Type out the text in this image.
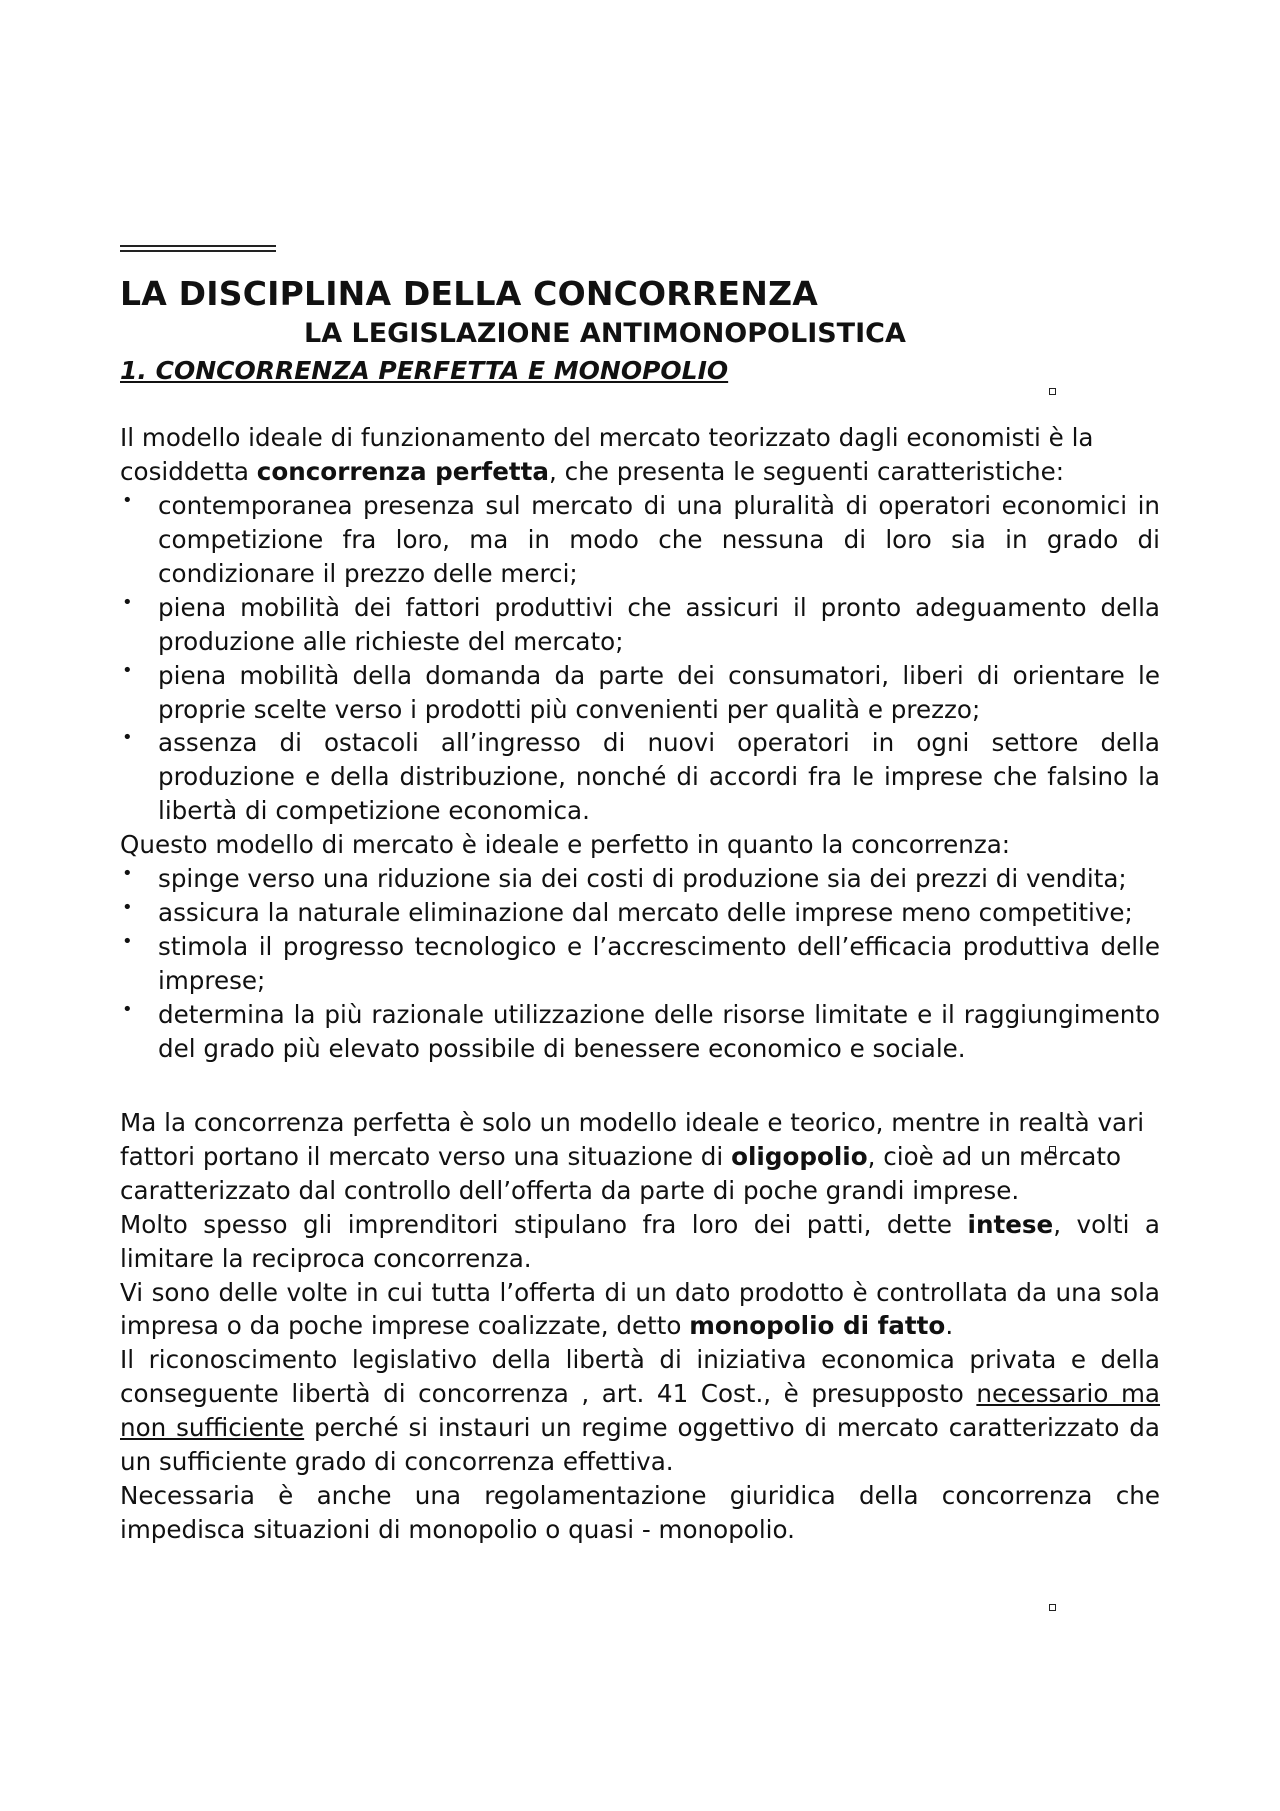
LA DISCIPLINA DELLA CONCORRENZA
LA LEGISLAZIONE ANTIMONOPOLISTICA
1. CONCORRENZA PERFETTA E MONOPOLIO

Il modello ideale di funzionamento del mercato teorizzato dagli economisti è la cosiddetta concorrenza perfetta, che presenta le seguenti caratteristiche:

• contemporanea presenza sul mercato di una pluralità di operatori economici in competizione fra loro, ma in modo che nessuna di loro sia in grado di condizionare il prezzo delle merci;
• piena mobilità dei fattori produttivi che assicuri il pronto adeguamento della produzione alle richieste del mercato;
• piena mobilità della domanda da parte dei consumatori, liberi di orientare le proprie scelte verso i prodotti più convenienti per qualità e prezzo;
• assenza di ostacoli all’ingresso di nuovi operatori in ogni settore della produzione e della distribuzione, nonché di accordi fra le imprese che falsino la libertà di competizione economica.

Questo modello di mercato è ideale e perfetto in quanto la concorrenza:

• spinge verso una riduzione sia dei costi di produzione sia dei prezzi di vendita;
• assicura la naturale eliminazione dal mercato delle imprese meno competitive;
• stimola il progresso tecnologico e l’accrescimento dell’efficacia produttiva delle imprese;
• determina la più razionale utilizzazione delle risorse limitate e il raggiungimento del grado più elevato possibile di benessere economico e sociale.

Ma la concorrenza perfetta è solo un modello ideale e teorico, mentre in realtà vari fattori portano il mercato verso una situazione di oligopolio, cioè ad un mercato caratterizzato dal controllo dell’offerta da parte di poche grandi imprese.

Molto spesso gli imprenditori stipulano fra loro dei patti, dette intese, volti a limitare la reciproca concorrenza.

Vi sono delle volte in cui tutta l’offerta di un dato prodotto è controllata da una sola impresa o da poche imprese coalizzate, detto monopolio di fatto.

Il riconoscimento legislativo della libertà di iniziativa economica privata e della conseguente libertà di concorrenza , art. 41 Cost., è presupposto necessario ma non sufficiente perché si instauri un regime oggettivo di mercato caratterizzato da un sufficiente grado di concorrenza effettiva.

Necessaria è anche una regolamentazione giuridica della concorrenza che impedisca situazioni di monopolio o quasi - monopolio.
